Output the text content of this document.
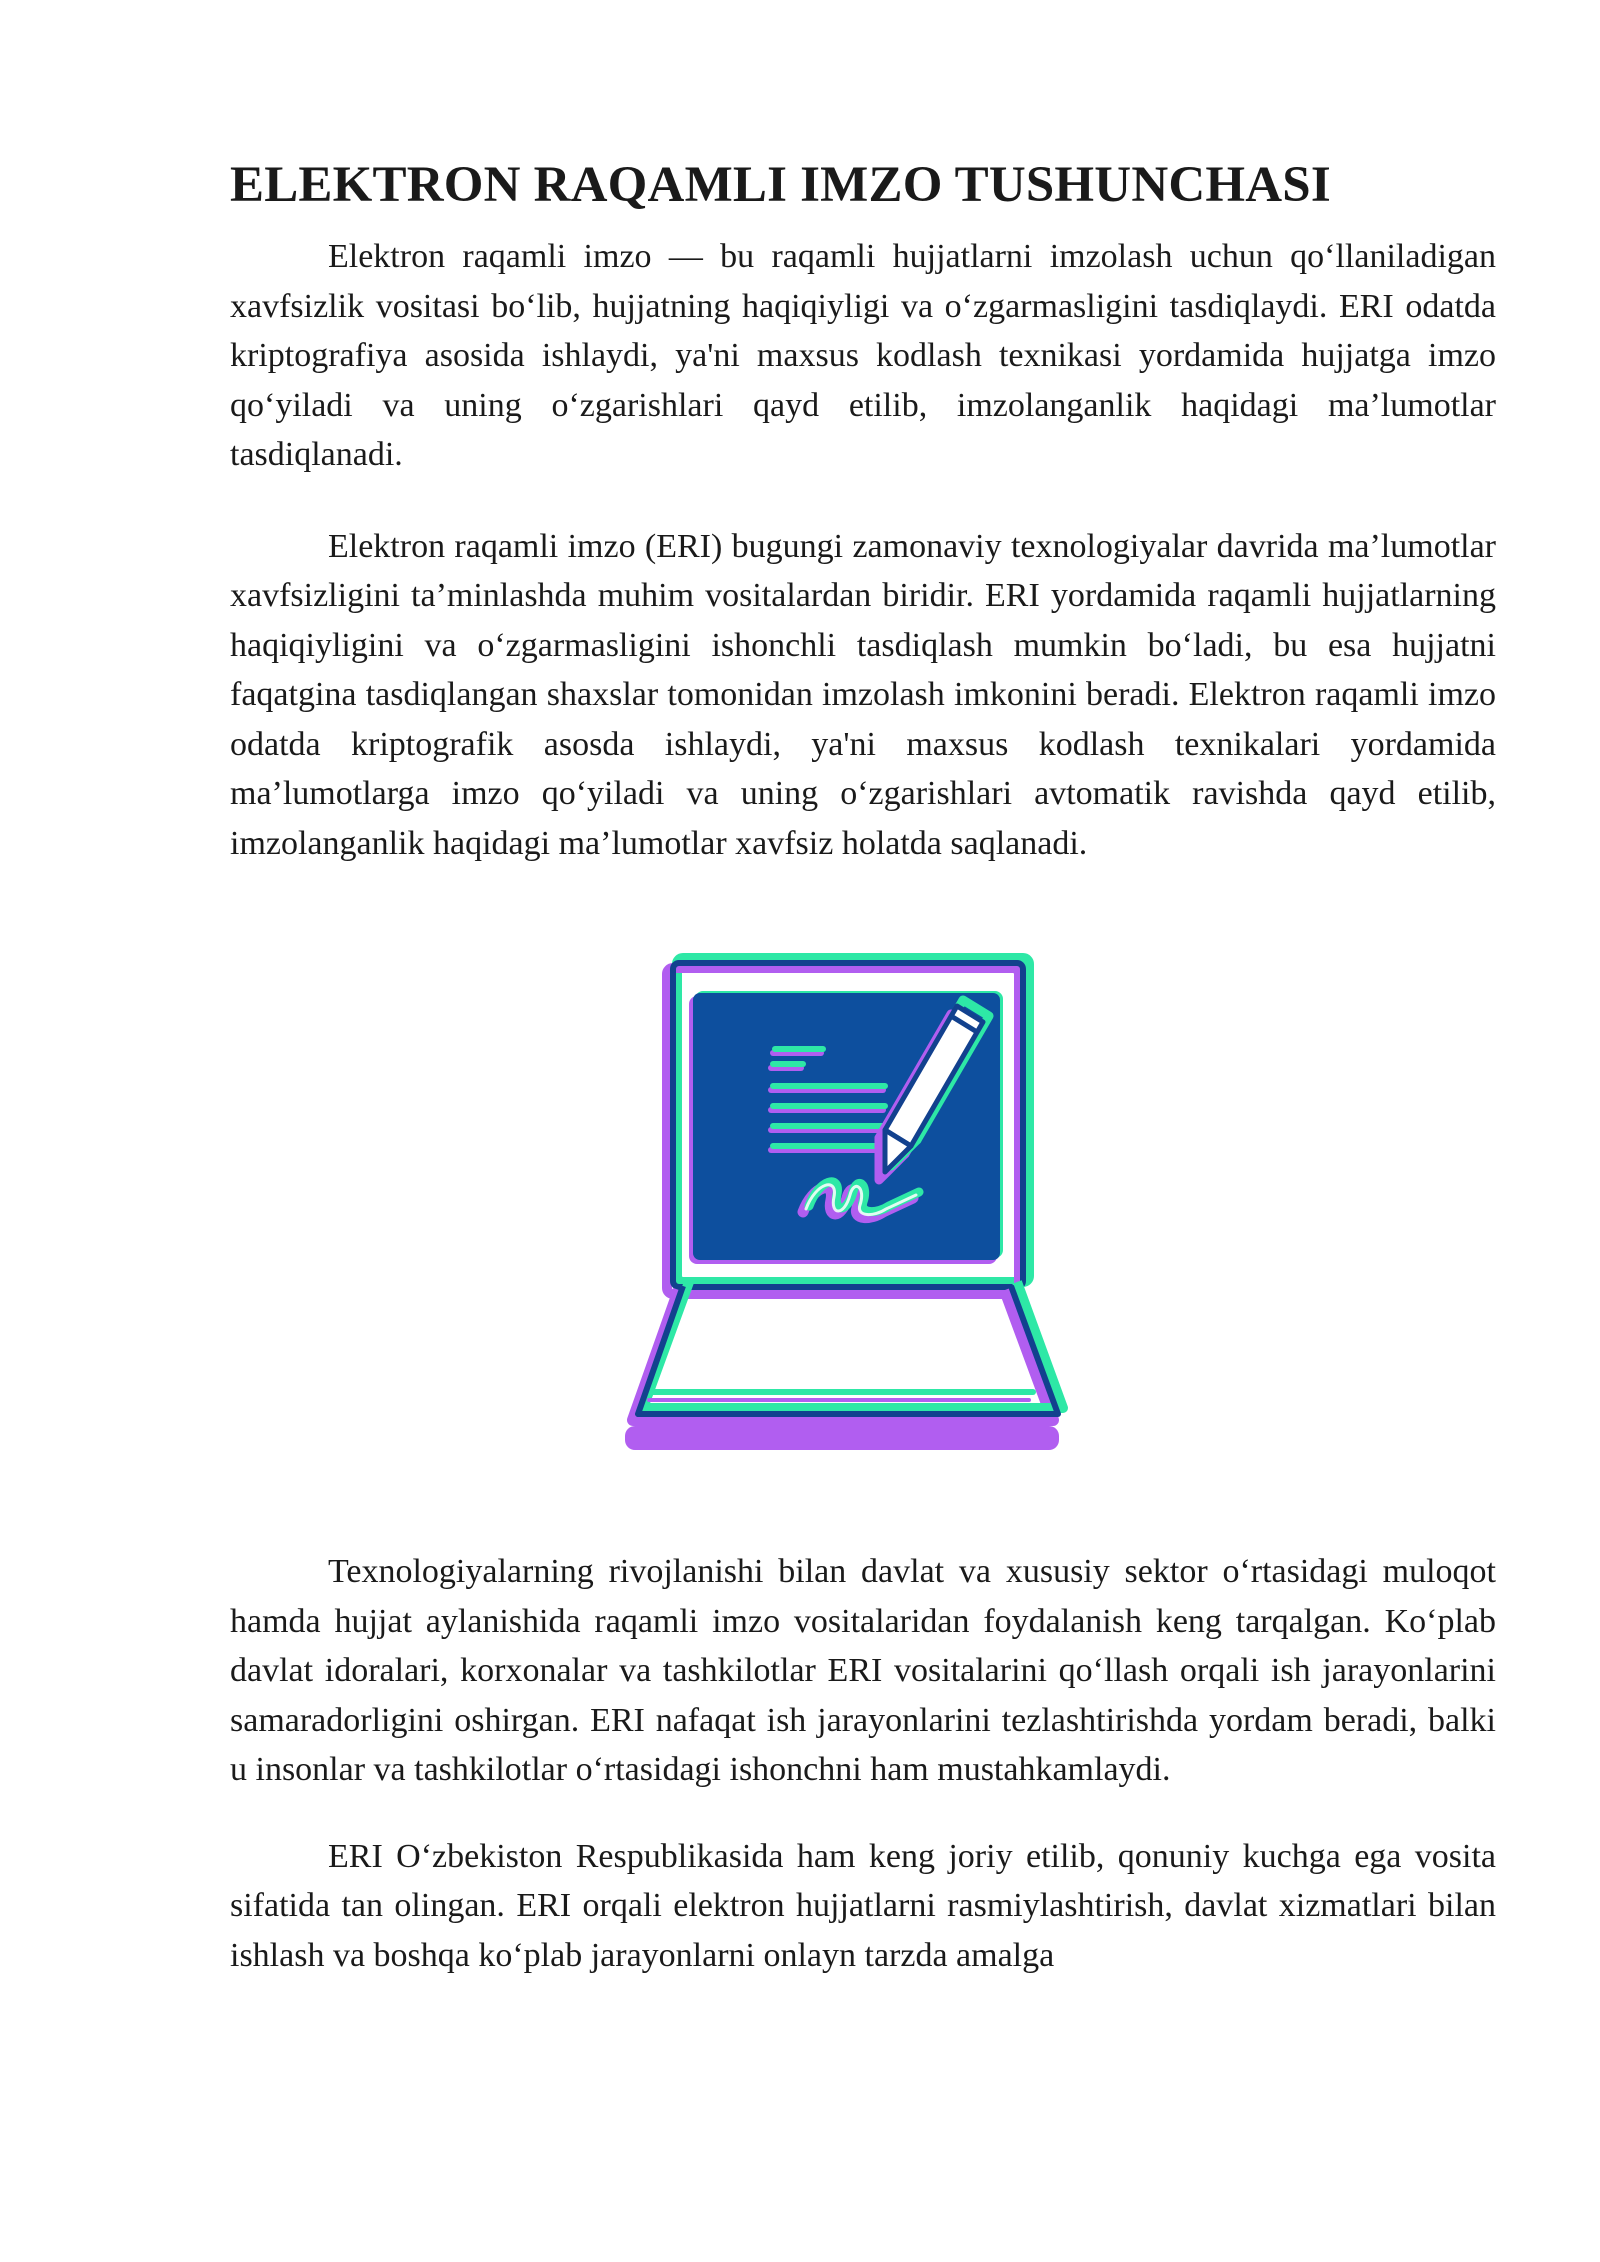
ELEKTRON RAQAMLI IMZO TUSHUNCHASI

Elektron raqamli imzo — bu raqamli hujjatlarni imzolash uchun qo‘llaniladigan xavfsizlik vositasi bo‘lib, hujjatning haqiqiyligi va o‘zgarmasligini tasdiqlaydi. ERI odatda kriptografiya asosida ishlaydi, ya'ni maxsus kodlash texnikasi yordamida hujjatga imzo qo‘yiladi va uning o‘zgarishlari qayd etilib, imzolanganlik haqidagi ma’lumotlar tasdiqlanadi.

Elektron raqamli imzo (ERI) bugungi zamonaviy texnologiyalar davrida ma’lumotlar xavfsizligini ta’minlashda muhim vositalardan biridir. ERI yordamida raqamli hujjatlarning haqiqiyligini va o‘zgarmasligini ishonchli tasdiqlash mumkin bo‘ladi, bu esa hujjatni faqatgina tasdiqlangan shaxslar tomonidan imzolash imkonini beradi. Elektron raqamli imzo odatda kriptografik asosda ishlaydi, ya'ni maxsus kodlash texnikalari yordamida ma’lumotlarga imzo qo‘yiladi va uning o‘zgarishlari avtomatik ravishda qayd etilib, imzolanganlik haqidagi ma’lumotlar xavfsiz holatda saqlanadi.

Texnologiyalarning rivojlanishi bilan davlat va xususiy sektor o‘rtasidagi muloqot hamda hujjat aylanishida raqamli imzo vositalaridan foydalanish keng tarqalgan. Ko‘plab davlat idoralari, korxonalar va tashkilotlar ERI vositalarini qo‘llash orqali ish jarayonlarini samaradorligini oshirgan. ERI nafaqat ish jarayonlarini tezlashtirishda yordam beradi, balki u insonlar va tashkilotlar o‘rtasidagi ishonchni ham mustahkamlaydi.

ERI O‘zbekiston Respublikasida ham keng joriy etilib, qonuniy kuchga ega vosita sifatida tan olingan. ERI orqali elektron hujjatlarni rasmiylashtirish, davlat xizmatlari bilan ishlash va boshqa ko‘plab jarayonlarni onlayn tarzda amalga
